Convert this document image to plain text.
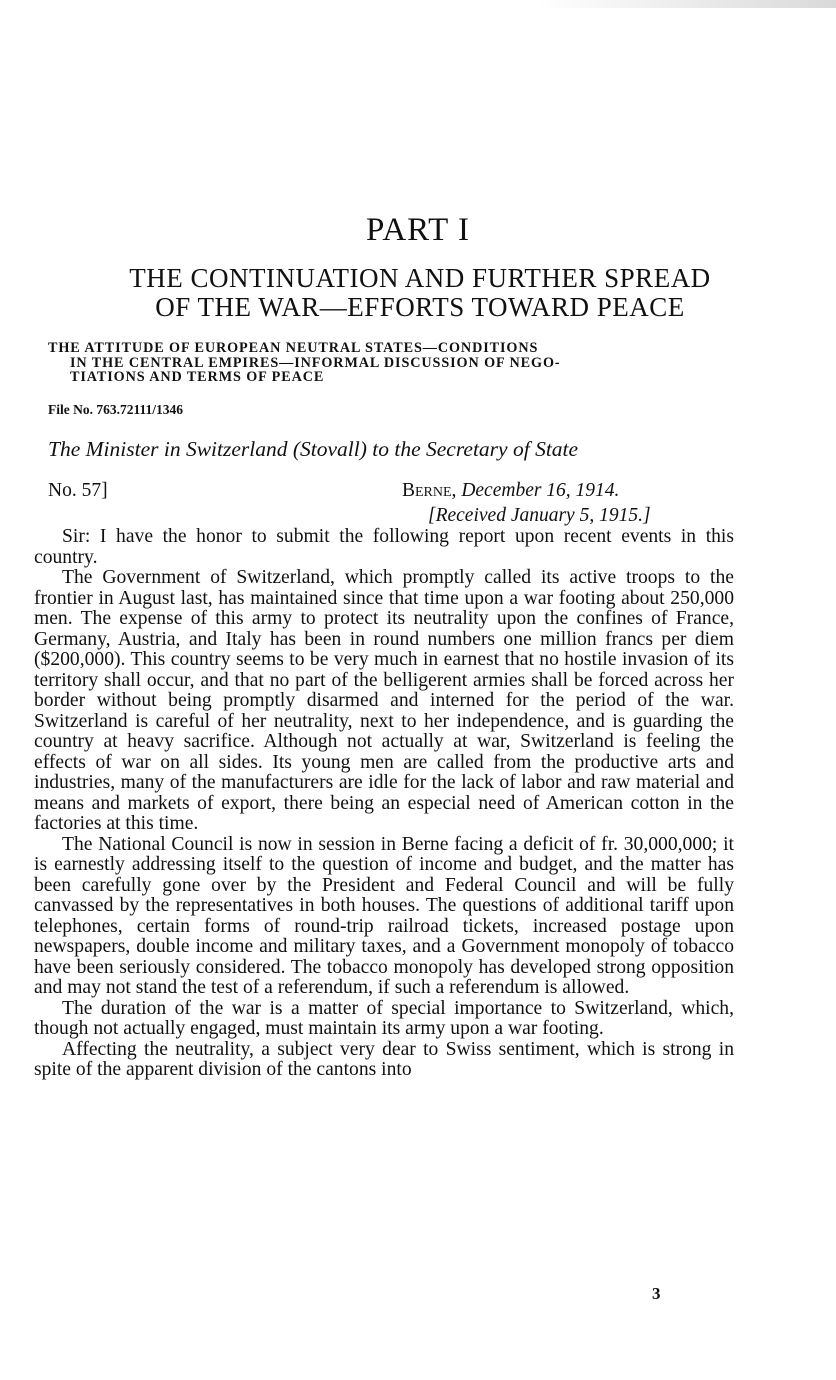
PART I
THE CONTINUATION AND FURTHER SPREAD
OF THE WAR—EFFORTS TOWARD PEACE
THE ATTITUDE OF EUROPEAN NEUTRAL STATES—CONDITIONS
IN THE CENTRAL EMPIRES—INFORMAL DISCUSSION OF NEGO-
TIATIONS AND TERMS OF PEACE
File No. 763.72111/1346
The Minister in Switzerland (Stovall) to the Secretary of State
No. 57]	Berne, December 16, 1914.
[Received January 5, 1915.]

Sir: I have the honor to submit the following report upon recent events in this country.

The Government of Switzerland, which promptly called its active troops to the frontier in August last, has maintained since that time upon a war footing about 250,000 men. The expense of this army to protect its neutrality upon the confines of France, Germany, Austria, and Italy has been in round numbers one million francs per diem ($200,000). This country seems to be very much in earnest that no hostile invasion of its territory shall occur, and that no part of the belligerent armies shall be forced across her border without being promptly disarmed and interned for the period of the war. Switzerland is careful of her neutrality, next to her independence, and is guarding the country at heavy sacrifice. Although not actually at war, Switzerland is feeling the effects of war on all sides. Its young men are called from the productive arts and industries, many of the manufacturers are idle for the lack of labor and raw material and means and markets of export, there being an especial need of American cotton in the factories at this time.

The National Council is now in session in Berne facing a deficit of fr. 30,000,000; it is earnestly addressing itself to the question of income and budget, and the matter has been carefully gone over by the President and Federal Council and will be fully canvassed by the representatives in both houses. The questions of additional tariff upon telephones, certain forms of round-trip railroad tickets, increased postage upon newspapers, double income and military taxes, and a Government monopoly of tobacco have been seriously considered. The tobacco monopoly has developed strong opposition and may not stand the test of a referendum, if such a referendum is allowed.

The duration of the war is a matter of special importance to Switzerland, which, though not actually engaged, must maintain its army upon a war footing.

Affecting the neutrality, a subject very dear to Swiss sentiment, which is strong in spite of the apparent division of the cantons into

3
